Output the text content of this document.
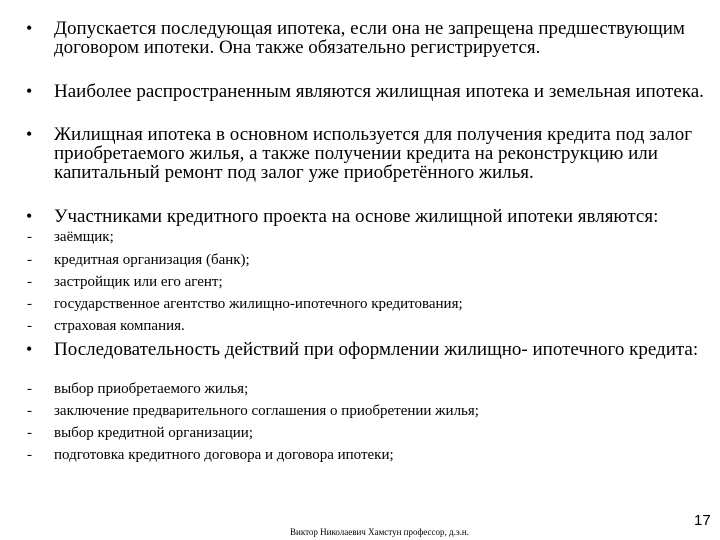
• Допускается последующая ипотека, если она не запрещена предшествующим договором ипотеки. Она также обязательно регистрируется.
• Наиболее распространенным являются жилищная ипотека и земельная ипотека.
• Жилищная ипотека в основном используется для получения кредита под залог приобретаемого жилья, а также получении кредита на реконструкцию или капитальный ремонт под залог уже приобретённого жилья.
• Участниками кредитного проекта на основе жилищной ипотеки являются:
- заёмщик;
- кредитная организация (банк);
- застройщик или его агент;
- государственное агентство жилищно-ипотечного кредитования;
- страховая компания.
• Последовательность действий при оформлении жилищно- ипотечного кредита:
- выбор приобретаемого жилья;
- заключение предварительного соглашения о приобретении жилья;
- выбор кредитной организации;
- подготовка кредитного договора и договора ипотеки;
17
Виктор Николаевич Хамстун профессор, д.э.н.
